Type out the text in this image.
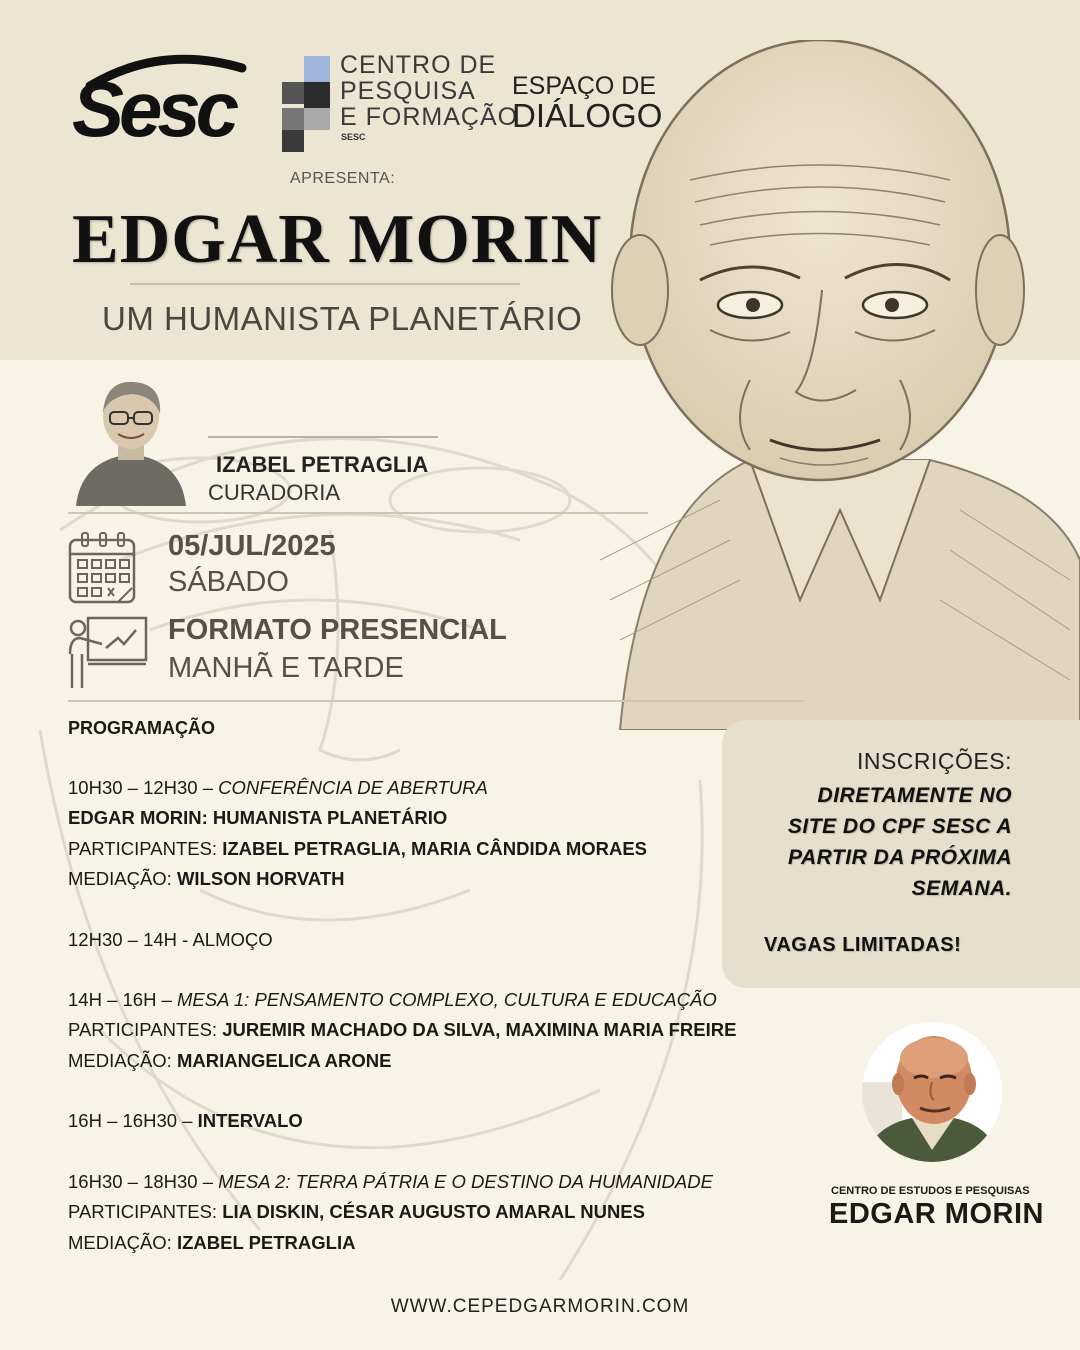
Sesc	CENTRO DE
PESQUISA
E FORMAÇÃO
SESC
ESPAÇO DE
DIÁLOGO
APRESENTA:
EDGAR MORIN
UM HUMANISTA PLANETÁRIO
IZABEL PETRAGLIA
CURADORIA
05/JUL/2025
SÁBADO
FORMATO PRESENCIAL
MANHÃ E TARDE
PROGRAMAÇÃO
10H30 – 12H30 – CONFERÊNCIA DE ABERTURA
EDGAR MORIN: HUMANISTA PLANETÁRIO
PARTICIPANTES: IZABEL PETRAGLIA, MARIA CÂNDIDA MORAES
MEDIAÇÃO: WILSON HORVATH
12H30 – 14H - ALMOÇO
14H – 16H – MESA 1: PENSAMENTO COMPLEXO, CULTURA E EDUCAÇÃO
PARTICIPANTES: JUREMIR MACHADO DA SILVA, MAXIMINA MARIA FREIRE
MEDIAÇÃO: MARIANGELICA ARONE
16H – 16H30 – INTERVALO
16H30 – 18H30 – MESA 2: TERRA PÁTRIA E O DESTINO DA HUMANIDADE
PARTICIPANTES: LIA DISKIN, CÉSAR AUGUSTO AMARAL NUNES
MEDIAÇÃO: IZABEL PETRAGLIA
INSCRIÇÕES:
DIRETAMENTE NO
SITE DO CPF SESC A
PARTIR DA PRÓXIMA
SEMANA.
VAGAS LIMITADAS!
CENTRO DE ESTUDOS E PESQUISAS
EDGAR MORIN
WWW.CEPEDGARMORIN.COM
